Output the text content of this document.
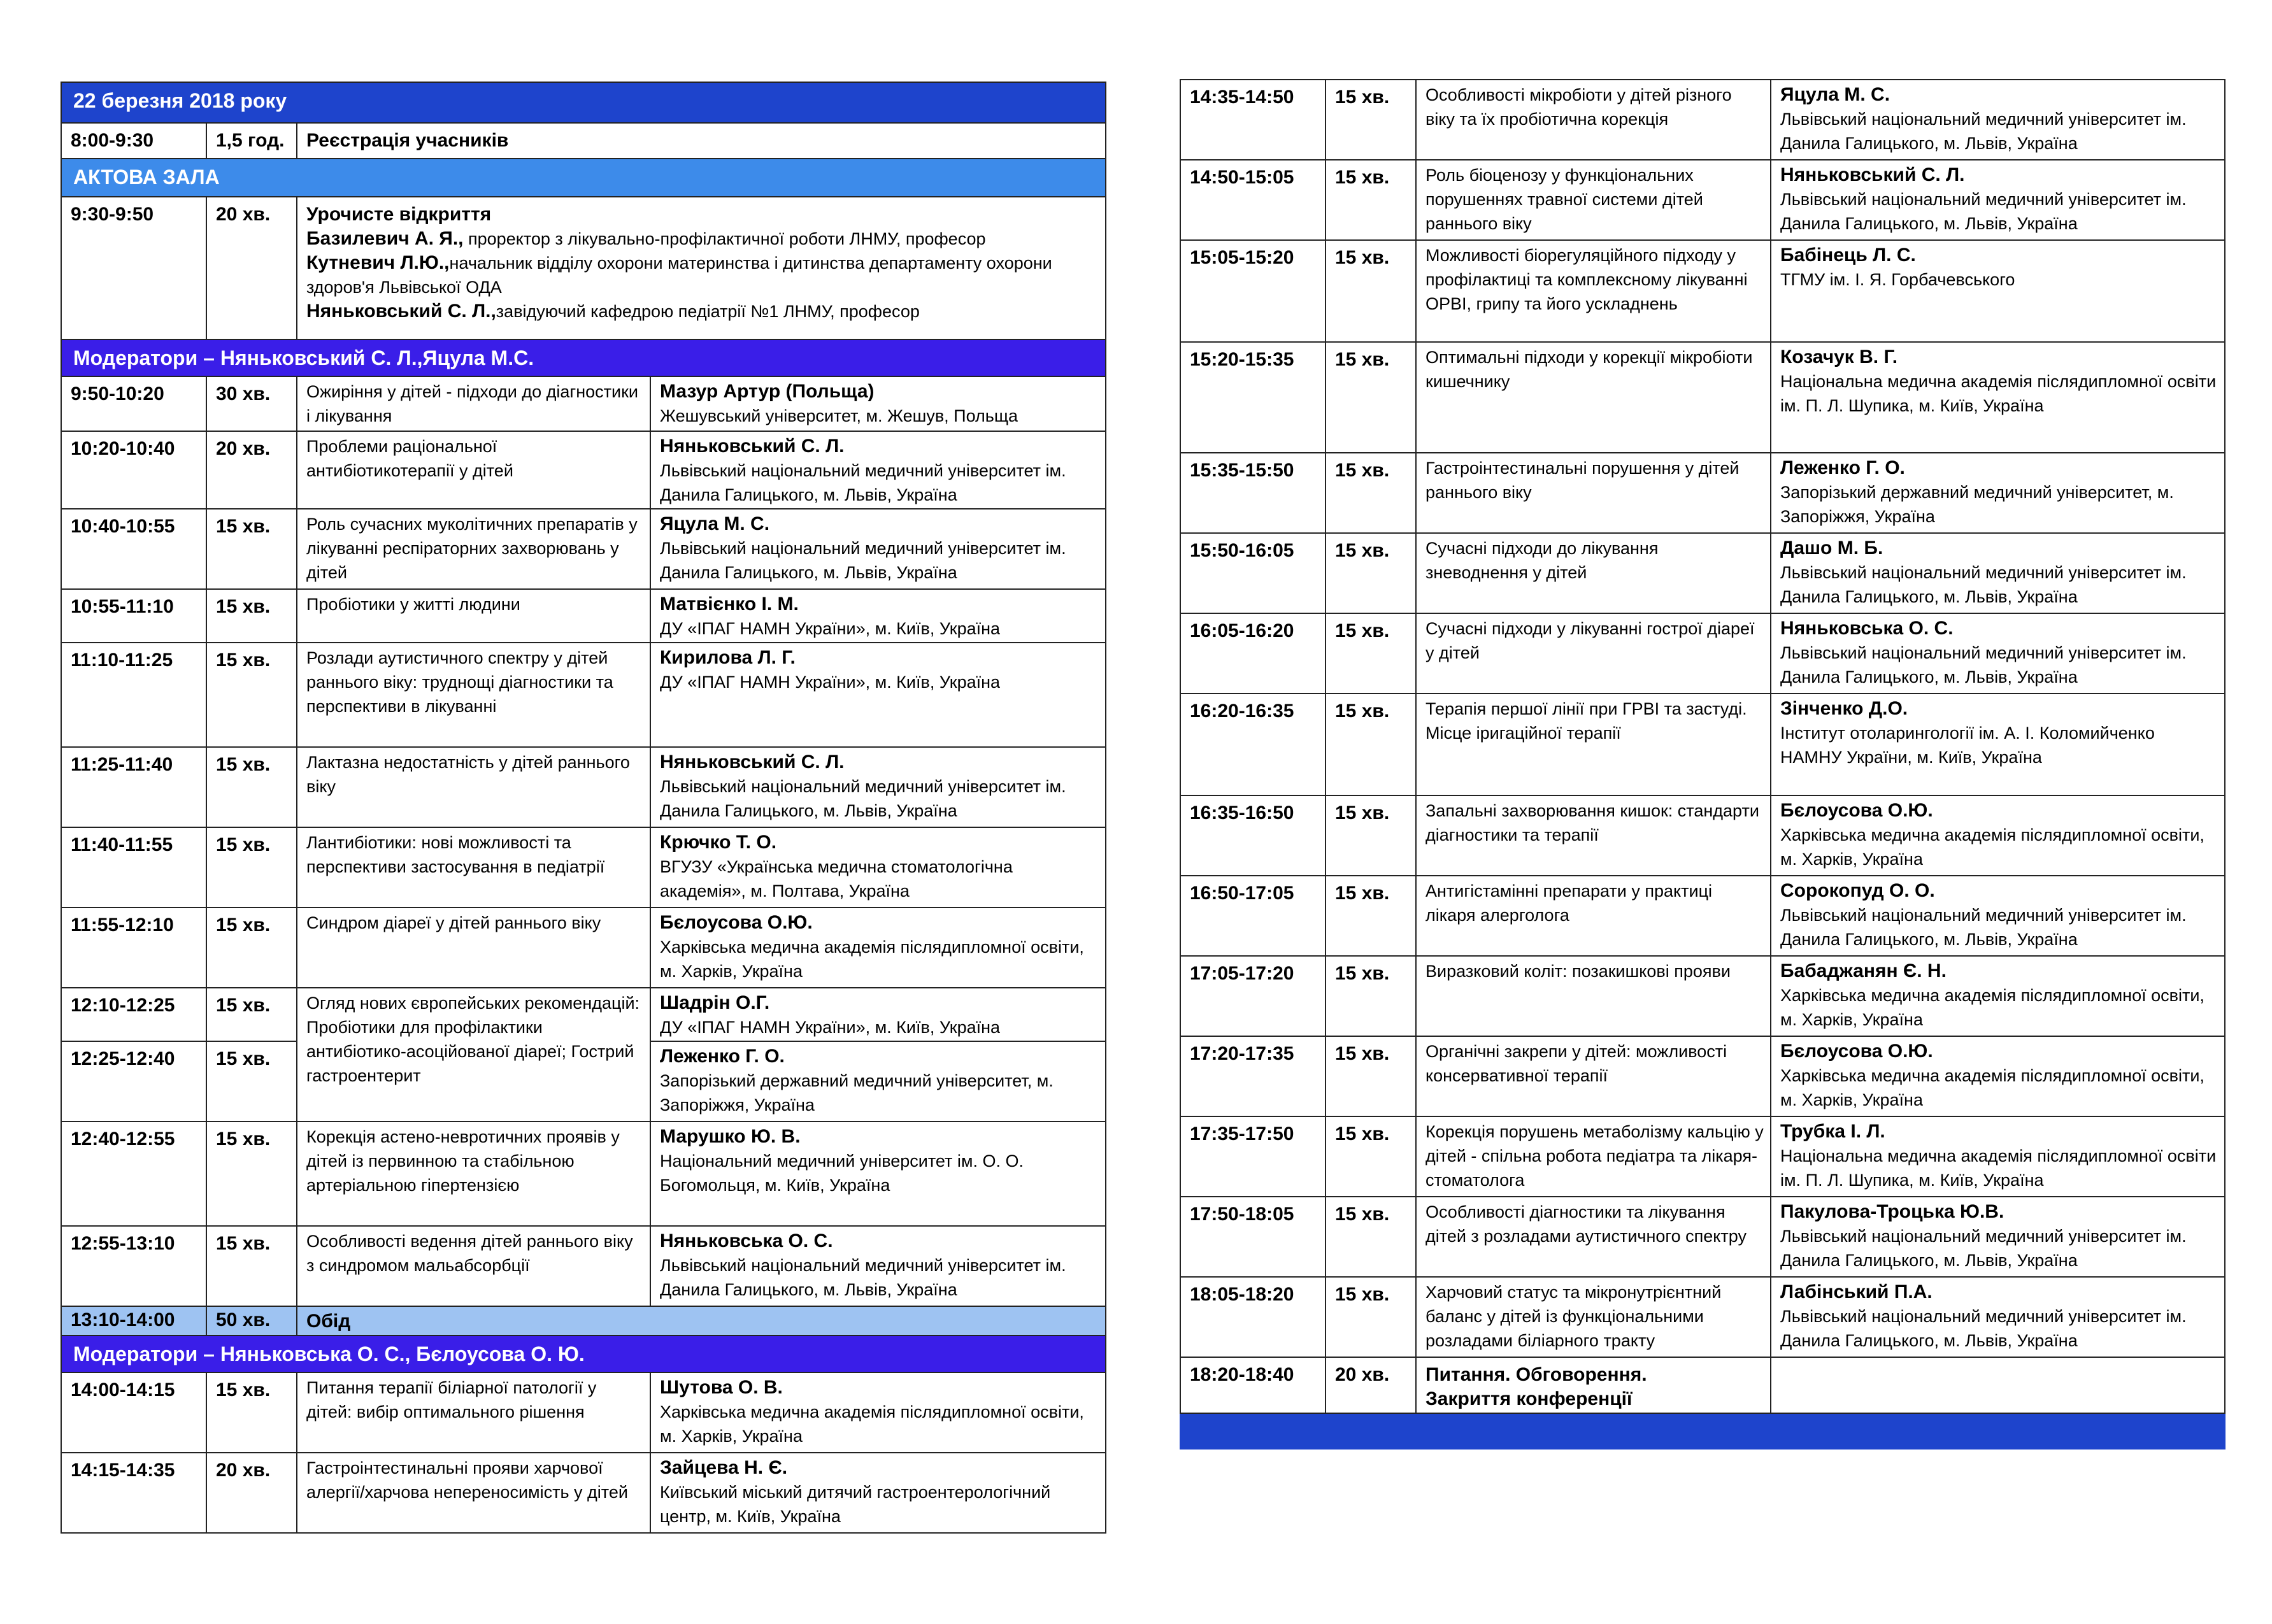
22 березня 2018 року			
8:00-9:30	1,5 год.	Реєстрація учасників	
АКТОВА ЗАЛА			
9:30-9:50	20 хв.	Урочисте відкриття
Базилевич А. Я., проректор з лікувально-профілактичної роботи ЛНМУ, професор
Кутневич Л.Ю.,начальник відділу охорони материнства і дитинства департаменту охорони здоров'я Львівської ОДА
Няньковський С. Л.,завідуючий кафедрою педіатрії №1 ЛНМУ, професор	

Модератори – Няньковський С. Л.,Яцула М.С.			
9:50-10:20	30 хв.	Ожиріння у дітей - підходи до діагностики і лікування	Мазур Артур (Польща)
Жешувський університет, м. Жешув, Польща

10:20-10:40	20 хв.	Проблеми раціональної антибіотикотерапії у дітей	Няньковський С. Л.
Львівський національний медичний університет ім. Данила Галицького, м. Львів, Україна

10:40-10:55	15 хв.	Роль сучасних муколітичних препаратів у лікуванні респіраторних захворювань у дітей	Яцула М. С.
Львівський національний медичний університет ім. Данила Галицького, м. Львів, Україна

10:55-11:10	15 хв.	Пробіотики у житті людини	Матвієнко І. М.
ДУ «ІПАГ НАМН України», м. Київ, Україна

11:10-11:25	15 хв.	Розлади аутистичного спектру у дітей раннього віку: труднощі діагностики та перспективи в лікуванні	Кирилова Л. Г.
ДУ «ІПАГ НАМН України», м. Київ, Україна

11:25-11:40	15 хв.	Лактазна недостатність у дітей раннього віку	Няньковський С. Л.
Львівський національний медичний університет ім. Данила Галицького, м. Львів, Україна

11:40-11:55	15 хв.	Лантибіотики: нові можливості та перспективи застосування в педіатрії	Крючко Т. О.
ВГУЗУ «Українська медична стоматологічна академія», м. Полтава, Україна

11:55-12:10	15 хв.	Синдром діареї у дітей раннього віку	Бєлоусова О.Ю.
Харківська медична академія післядипломної освіти, м. Харків, Україна

12:10-12:25	15 хв.	Огляд нових європейських рекомендацій: Пробіотики для профілактики антибіотико-асоційованої діареї; Гострий гастроентерит	Шадрін О.Г.
ДУ «ІПАГ НАМН України», м. Київ, Україна

12:25-12:40	15 хв.		Леженко Г. О.
Запорізький державний медичний університет, м. Запоріжжя, Україна

12:40-12:55	15 хв.	Корекція астено-невротичних проявів у дітей із первинною та стабільною артеріальною гіпертензією	Марушко Ю. В.
Національний медичний університет ім. О. О. Богомольця, м. Київ, Україна

12:55-13:10	15 хв.	Особливості ведення дітей раннього віку з синдромом мальабсорбції	Няньковська О. С.
Львівський національний медичний університет ім. Данила Галицького, м. Львів, Україна

13:10-14:00	50 хв.	Обід	
Модератори – Няньковська О. С., Бєлоусова О. Ю.			
14:00-14:15	15 хв.	Питання терапії біліарної патології у дітей: вибір оптимального рішення	Шутова О. В.
Харківська медична академія післядипломної освіти, м. Харків, Україна

14:15-14:35	20 хв.	Гастроінтестинальні прояви харчової алергії/харчова непереносимість у дітей	Зайцева Н. Є.
Київський міський дитячий гастроентерологічний центр, м. Київ, Україна
14:35-14:50	15 хв.	Особливості мікробіоти у дітей різного віку та їх пробіотична корекція	Яцула М. С.
Львівський національний медичний університет ім. Данила Галицького, м. Львів, Україна

14:50-15:05	15 хв.	Роль біоценозу у функціональних порушеннях травної системи дітей раннього віку	Няньковський С. Л.
Львівський національний медичний університет ім. Данила Галицького, м. Львів, Україна

15:05-15:20	15 хв.	Можливості біорегуляційного підходу у профілактиці та комплексному лікуванні ОРВІ, грипу та його ускладнень	Бабінець Л. С.
ТГМУ ім. І. Я. Горбачевського

15:20-15:35	15 хв.	Оптимальні підходи у корекції мікробіоти кишечнику	Козачук В. Г.
Національна медична академія післядипломної освіти ім. П. Л. Шупика, м. Київ, Україна

15:35-15:50	15 хв.	Гастроінтестинальні порушення у дітей раннього віку	Леженко Г. О.
Запорізький державний медичний університет, м. Запоріжжя, Україна

15:50-16:05	15 хв.	Сучасні підходи до лікування зневоднення у дітей	Дашо М. Б.
Львівський національний медичний університет ім. Данила Галицького, м. Львів, Україна

16:05-16:20	15 хв.	Сучасні підходи у лікуванні гострої діареї у дітей	Няньковська О. С.
Львівський національний медичний університет ім. Данила Галицького, м. Львів, Україна

16:20-16:35	15 хв.	Терапія першої лінії при ГРВІ та застуді. Місце іригаційної терапії	Зінченко Д.О.
Інститут отоларингології ім. А. І. Коломийченко НАМНУ України, м. Київ, Україна

16:35-16:50	15 хв.	Запальні захворювання кишок: стандарти діагностики та терапії	Бєлоусова О.Ю.
Харківська медична академія післядипломної освіти, м. Харків, Україна

16:50-17:05	15 хв.	Антигістамінні препарати у практиці лікаря алерголога	Сорокопуд О. О.
Львівський національний медичний університет ім. Данила Галицького, м. Львів, Україна

17:05-17:20	15 хв.	Виразковий коліт: позакишкові прояви	Бабаджанян Є. Н.
Харківська медична академія післядипломної освіти, м. Харків, Україна

17:20-17:35	15 хв.	Органічні закрепи у дітей: можливості консервативної терапії	Бєлоусова О.Ю.
Харківська медична академія післядипломної освіти, м. Харків, Україна

17:35-17:50	15 хв.	Корекція порушень метаболізму кальцію у дітей - спільна робота педіатра та лікаря-стоматолога	Трубка І. Л.
Національна медична академія післядипломної освіти ім. П. Л. Шупика, м. Київ, Україна

17:50-18:05	15 хв.	Особливості діагностики та лікування дітей з розладами аутистичного спектру	Пакулова-Троцька Ю.В.
Львівський національний медичний університет ім. Данила Галицького, м. Львів, Україна

18:05-18:20	15 хв.	Харчовий статус та мікронутрієнтний баланс у дітей із функціональними розладами біліарного тракту	Лабінський П.А.
Львівський національний медичний університет ім. Данила Галицького, м. Львів, Україна

18:20-18:40	20 хв.	Питання. Обговорення.
Закриття конференції	
